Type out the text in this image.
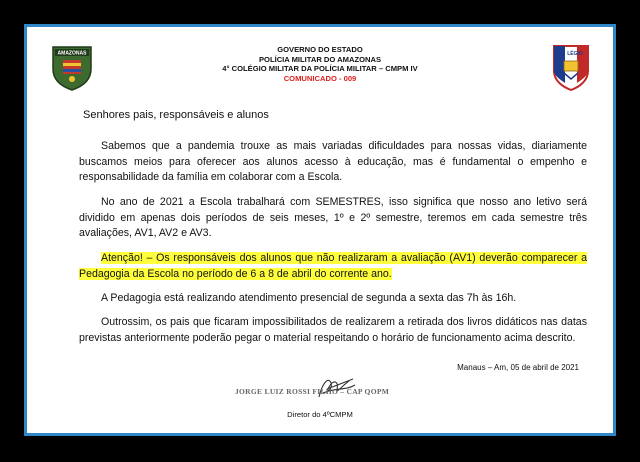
AMAZONAS	GOVERNO DO ESTADO
POLÍCIA MILITAR DO AMAZONAS
4° COLÉGIO MILITAR DA POLÍCIA MILITAR – CMPM IV
COMUNICADO - 009
LÉGIO
Senhores pais, responsáveis e alunos

Sabemos que a pandemia trouxe as mais variadas dificuldades para nossas vidas, diariamente buscamos meios para oferecer aos alunos acesso à educação, mas é fundamental o empenho e responsabilidade da família em colaborar com a Escola.

No ano de 2021 a Escola trabalhará com SEMESTRES, isso significa que nosso ano letivo será dividido em apenas dois períodos de seis meses, 1º e 2º semestre, teremos em cada semestre três avaliações, AV1, AV2 e AV3.

Atenção! – Os responsáveis dos alunos que não realizaram a avaliação (AV1) deverão comparecer a Pedagogia da Escola no período de 6 a 8 de abril do corrente ano.

A Pedagogia está realizando atendimento presencial de segunda a sexta das 7h às 16h.

Outrossim, os pais que ficaram impossibilitados de realizarem a retirada dos livros didáticos nas datas previstas anteriormente poderão pegar o material respeitando o horário de funcionamento acima descrito.

Manaus – Am, 05 de abril de 2021
JORGE LUIZ ROSSI FILHO – CAP QOPM
Diretor do 4ºCMPM
